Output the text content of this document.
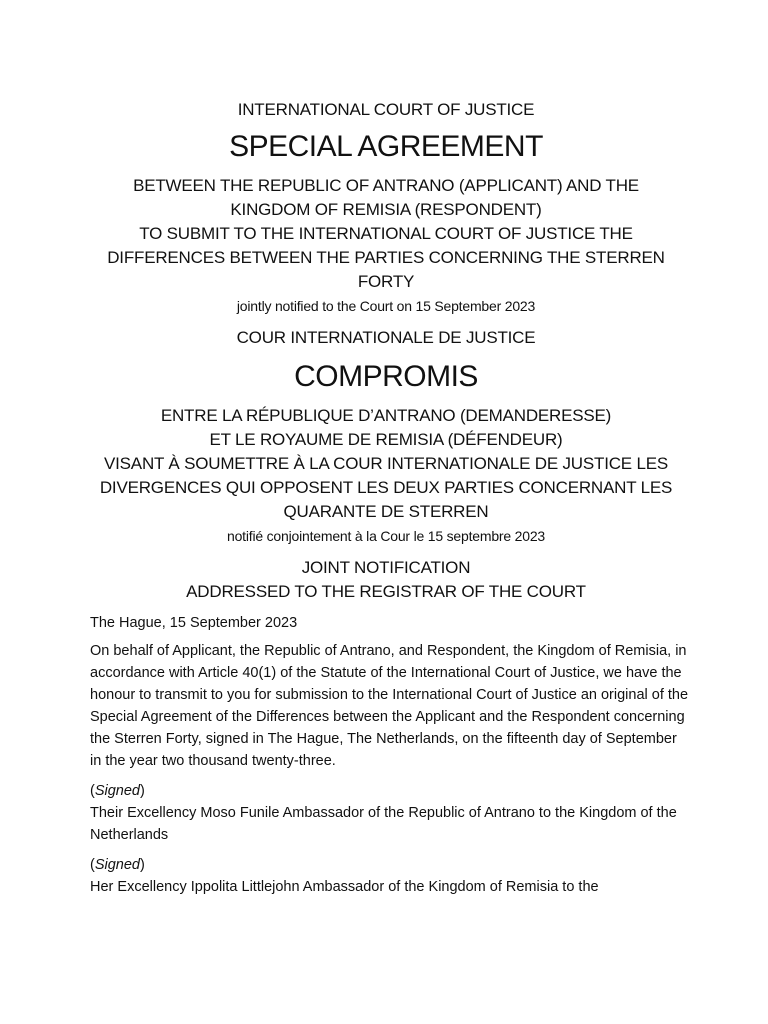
INTERNATIONAL COURT OF JUSTICE
SPECIAL AGREEMENT
BETWEEN THE REPUBLIC OF ANTRANO (APPLICANT) AND THE
KINGDOM OF REMISIA (RESPONDENT)
TO SUBMIT TO THE INTERNATIONAL COURT OF JUSTICE THE
DIFFERENCES BETWEEN THE PARTIES CONCERNING THE STERREN
FORTY
jointly notified to the Court on 15 September 2023
COUR INTERNATIONALE DE JUSTICE
COMPROMIS
ENTRE LA RÉPUBLIQUE D’ANTRANO (DEMANDERESSE)
ET LE ROYAUME DE REMISIA (DÉFENDEUR)
VISANT À SOUMETTRE À LA COUR INTERNATIONALE DE JUSTICE LES
DIVERGENCES QUI OPPOSENT LES DEUX PARTIES CONCERNANT LES
QUARANTE DE STERREN
notifié conjointement à la Cour le 15 septembre 2023
JOINT NOTIFICATION
ADDRESSED TO THE REGISTRAR OF THE COURT
The Hague, 15 September 2023
On behalf of Applicant, the Republic of Antrano, and Respondent, the Kingdom of Remisia, in accordance with Article 40(1) of the Statute of the International Court of Justice, we have the honour to transmit to you for submission to the International Court of Justice an original of the Special Agreement of the Differences between the Applicant and the Respondent concerning the Sterren Forty, signed in The Hague, The Netherlands, on the fifteenth day of September in the year two thousand twenty-three.
(Signed)
Their Excellency Moso Funile Ambassador of the Republic of Antrano to the Kingdom of the Netherlands
(Signed)
Her Excellency Ippolita Littlejohn Ambassador of the Kingdom of Remisia to the
